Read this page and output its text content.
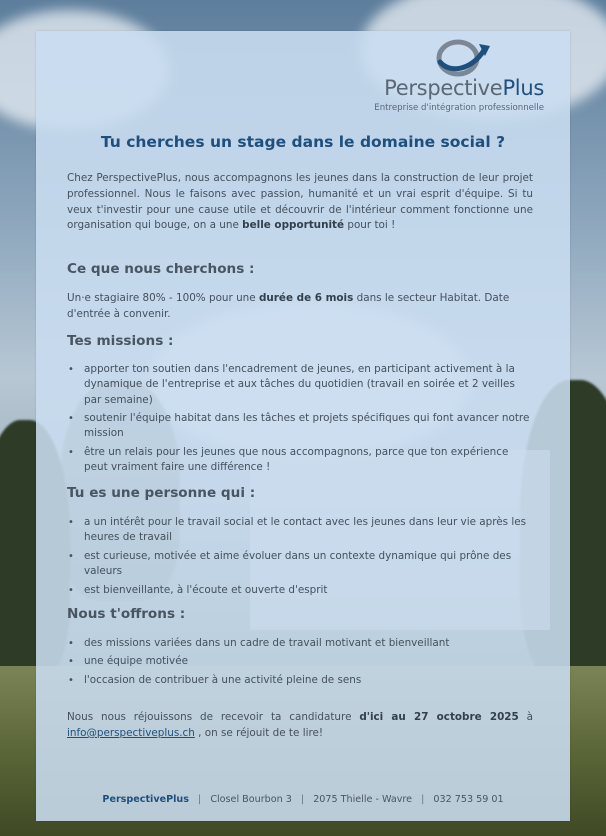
PerspectivePlus
Entreprise d'intégration professionnelle
Tu cherches un stage dans le domaine social ?

Chez PerspectivePlus, nous accompagnons les jeunes dans la construction de leur projet professionnel. Nous le faisons avec passion, humanité et un vrai esprit d'équipe. Si tu veux t'investir pour une cause utile et découvrir de l'intérieur comment fonctionne une organisation qui bouge, on a une belle opportunité pour toi !

Ce que nous cherchons :

Un·e stagiaire 80% - 100% pour une durée de 6 mois dans le secteur Habitat. Date d'entrée à convenir.

Tes missions :
• apporter ton soutien dans l'encadrement de jeunes, en participant activement à la dynamique de l'entreprise et aux tâches du quotidien (travail en soirée et 2 veilles par semaine)
• soutenir l'équipe habitat dans les tâches et projets spécifiques qui font avancer notre mission
• être un relais pour les jeunes que nous accompagnons, parce que ton expérience peut vraiment faire une différence !
Tu es une personne qui :
• a un intérêt pour le travail social et le contact avec les jeunes dans leur vie après les heures de travail
• est curieuse, motivée et aime évoluer dans un contexte dynamique qui prône des valeurs
• est bienveillante, à l'écoute et ouverte d'esprit
Nous t'offrons :
• des missions variées dans un cadre de travail motivant et bienveillant
• une équipe motivée
• l'occasion de contribuer à une activité pleine de sens

Nous nous réjouissons de recevoir ta candidature d'ici au 27 octobre 2025 à info@perspectiveplus.ch , on se réjouit de te lire!

PerspectivePlus | Closel Bourbon 3 | 2075 Thielle - Wavre | 032 753 59 01
